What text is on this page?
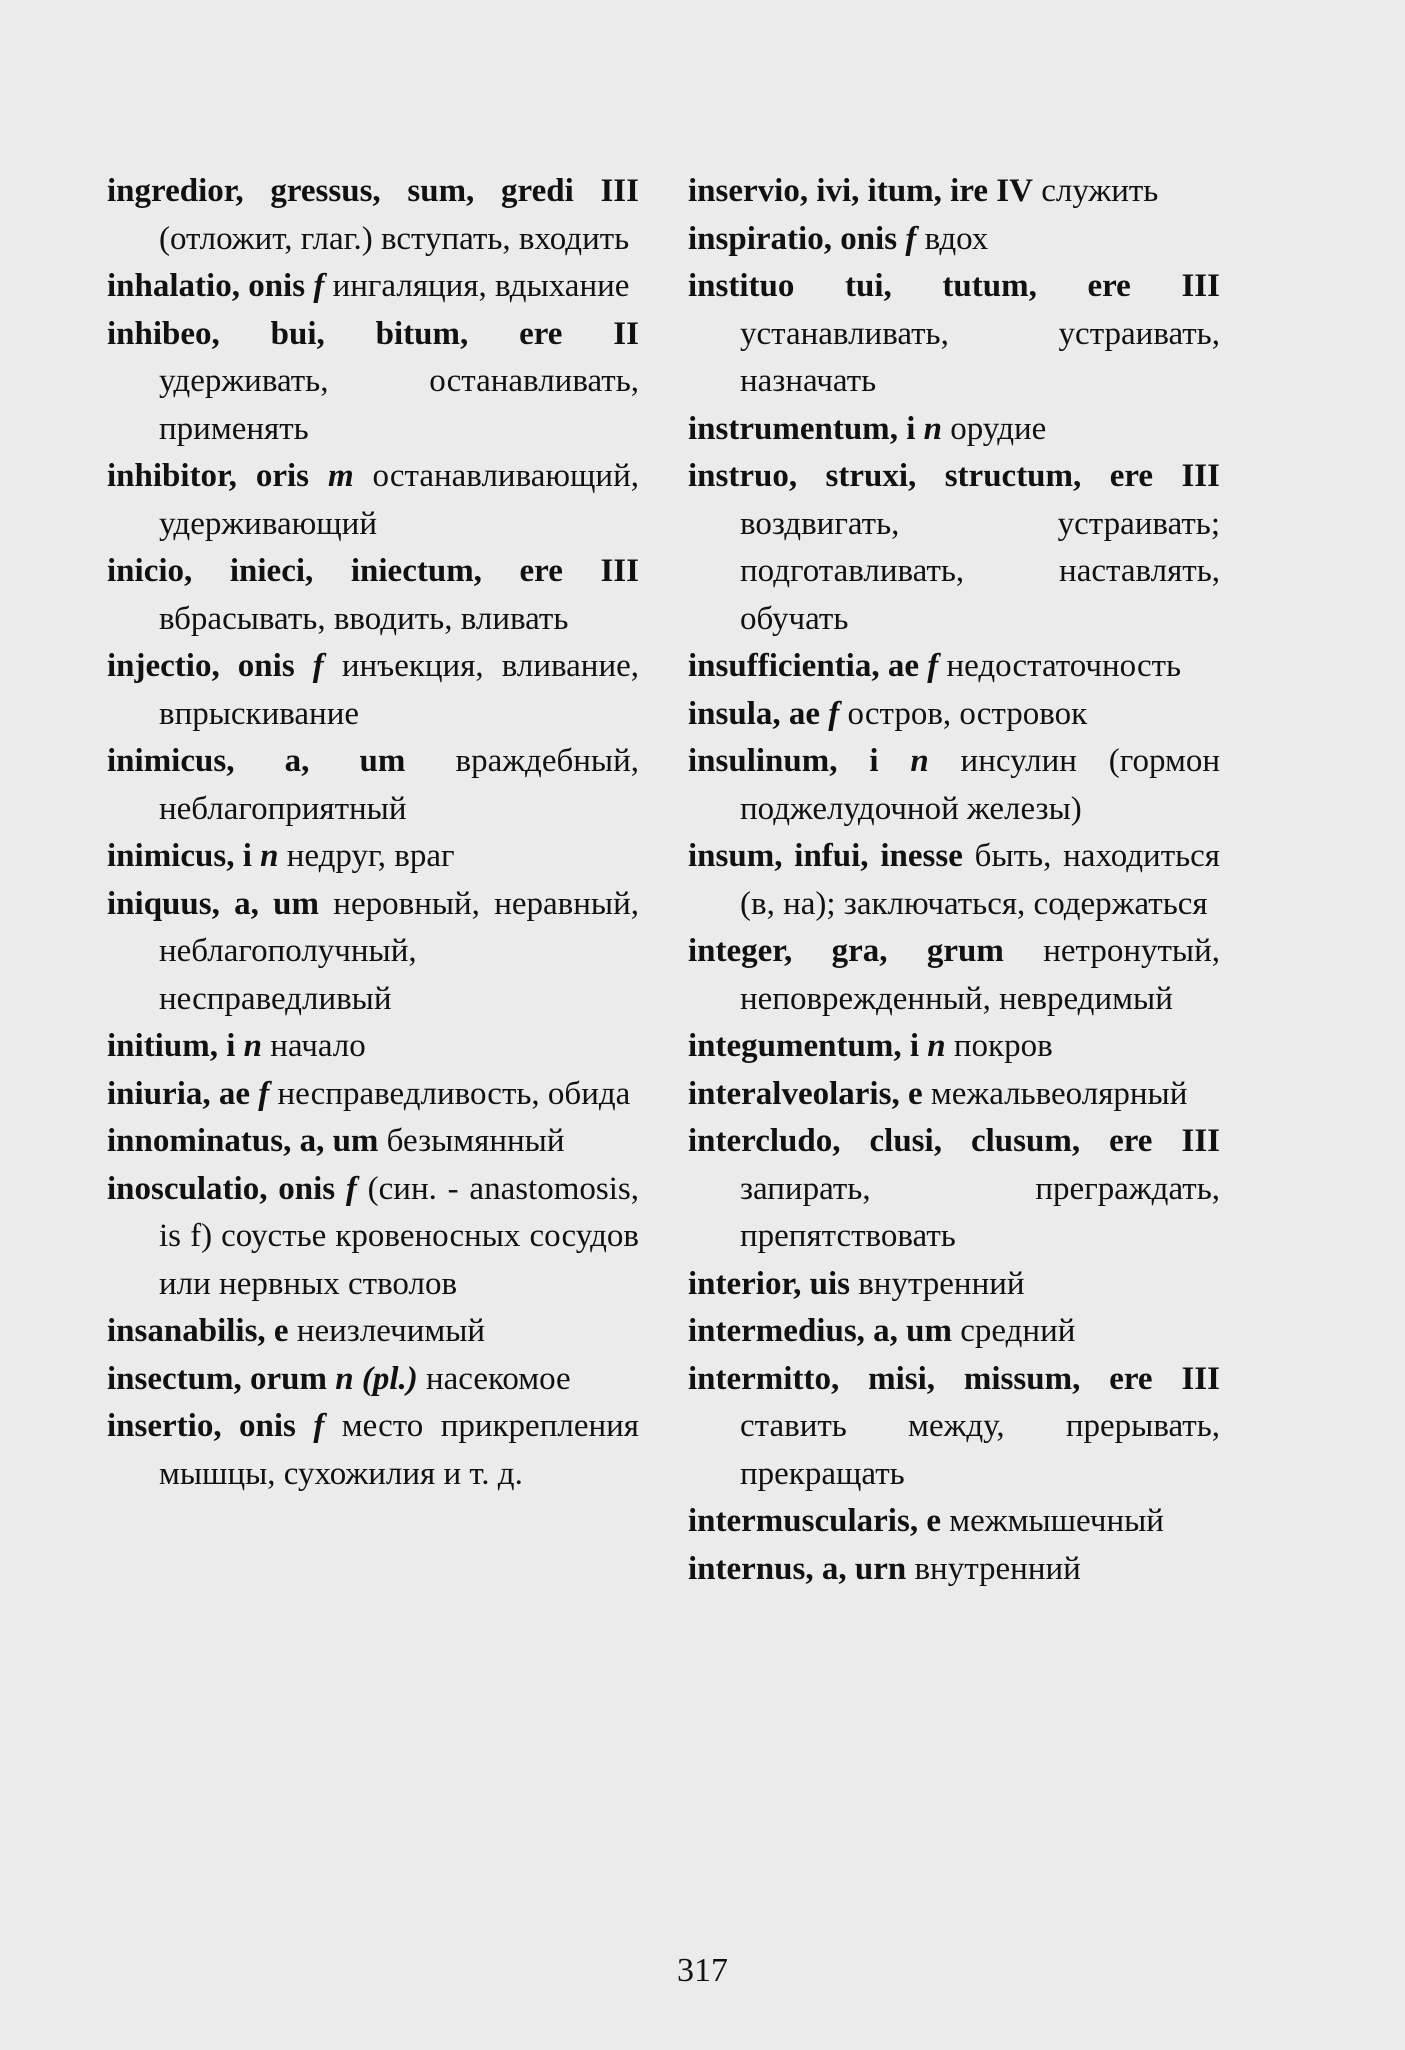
ingredior, gressus, sum, gredi III (отложит, глаг.) вступать, входить

inhalatio, onis f ингаляция, вдыхание

inhibeo, bui, bitum, ere II удерживать, останавливать, применять

inhibitor, oris m останавливающий, удерживающий

inicio, inieci, iniectum, ere III вбрасывать, вводить, вливать

injectio, onis f инъекция, вливание, впрыскивание

inimicus, a, um враждебный, неблагоприятный

inimicus, i n недруг, враг

iniquus, a, um неровный, неравный, неблагополучный, несправедливый

initium, i n начало

iniuria, ae f несправедливость, обида

innominatus, a, um безымянный

inosculatio, onis f (син. - anastomosis, is f) соустье кровеносных сосудов или нервных стволов

insanabilis, e неизлечимый

insectum, orum n (pl.) насекомое

insertio, onis f место прикрепления мышцы, сухожилия и т. д.

inservio, ivi, itum, ire IV служить

inspiratio, onis f вдох

instituo tui, tutum, ere III устанавливать, устраивать, назначать

instrumentum, i n орудие

instruo, struxi, structum, ere III воздвигать, устраивать; подготавливать, наставлять, обучать

insufficientia, ae f недостаточность

insula, ae f остров, островок

insulinum, i n инсулин (гормон поджелудочной железы)

insum, infui, inesse быть, находиться (в, на); заключаться, содержаться

integer, gra, grum нетронутый, неповрежденный, невредимый

integumentum, i n покров

interalveolaris, e межальвеолярный

intercludo, clusi, clusum, ere III запирать, преграждать, препятствовать

interior, uis внутренний

intermedius, a, um средний

intermitto, misi, missum, ere III ставить между, прерывать, прекращать

intermuscularis, e межмышечный

internus, a, urn внутренний

317
